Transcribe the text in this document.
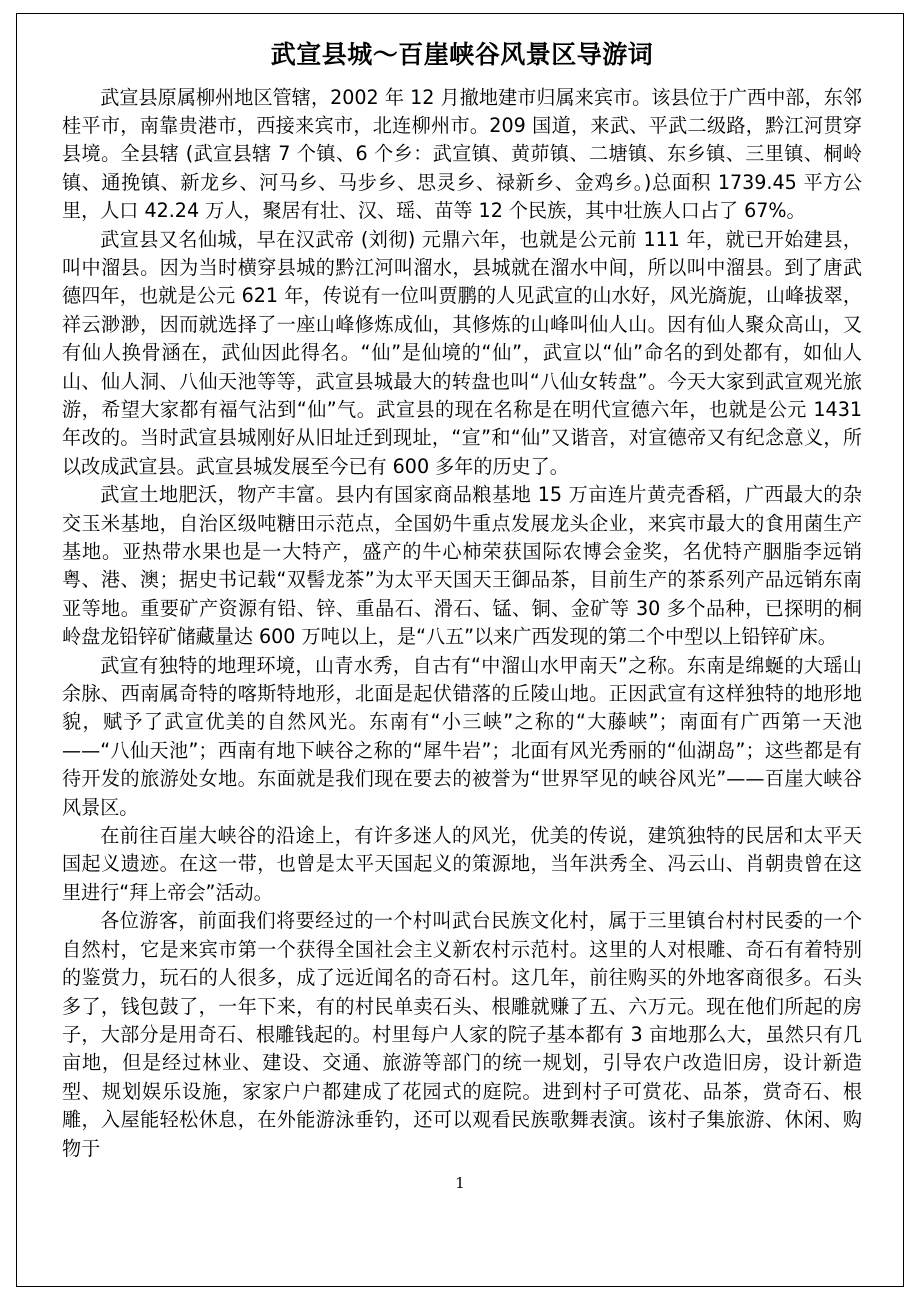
武宣县城～百崖峡谷风景区导游词

武宣县原属柳州地区管辖，2002 年 12 月撤地建市归属来宾市。该县位于广西中部，东邻桂平市，南靠贵港市，西接来宾市，北连柳州市。209 国道，来武、平武二级路，黔江河贯穿县境。全县辖 (武宣县辖 7 个镇、6 个乡：武宣镇、黄茆镇、二塘镇、东乡镇、三里镇、桐岭镇、通挽镇、新龙乡、河马乡、马步乡、思灵乡、禄新乡、金鸡乡。)总面积 1739.45 平方公里，人口 42.24 万人，聚居有壮、汉、瑶、苗等 12 个民族，其中壮族人口占了 67%。

武宣县又名仙城，早在汉武帝 (刘彻) 元鼎六年，也就是公元前 111 年，就已开始建县，叫中溜县。因为当时横穿县城的黔江河叫溜水，县城就在溜水中间，所以叫中溜县。到了唐武德四年，也就是公元 621 年，传说有一位叫贾鹏的人见武宣的山水好，风光旖旎，山峰拔翠，祥云渺渺，因而就选择了一座山峰修炼成仙，其修炼的山峰叫仙人山。因有仙人聚众高山，又有仙人换骨涵在，武仙因此得名。“仙”是仙境的“仙”，武宣以“仙”命名的到处都有，如仙人山、仙人洞、八仙天池等等，武宣县城最大的转盘也叫“八仙女转盘”。今天大家到武宣观光旅游，希望大家都有福气沾到“仙”气。武宣县的现在名称是在明代宣德六年，也就是公元 1431 年改的。当时武宣县城刚好从旧址迁到现址，“宣”和“仙”又谐音，对宣德帝又有纪念意义，所以改成武宣县。武宣县城发展至今已有 600 多年的历史了。

武宣土地肥沃，物产丰富。县内有国家商品粮基地 15 万亩连片黄壳香稻，广西最大的杂交玉米基地，自治区级吨糖田示范点，全国奶牛重点发展龙头企业，来宾市最大的食用菌生产基地。亚热带水果也是一大特产，盛产的牛心柿荣获国际农博会金奖，名优特产胭脂李远销粤、港、澳；据史书记载“双髻龙茶”为太平天国天王御品茶，目前生产的茶系列产品远销东南亚等地。重要矿产资源有铅、锌、重晶石、滑石、锰、铜、金矿等 30 多个品种，已探明的桐岭盘龙铅锌矿储藏量达 600 万吨以上，是“八五”以来广西发现的第二个中型以上铅锌矿床。

武宣有独特的地理环境，山青水秀，自古有“中溜山水甲南天”之称。东南是绵蜒的大瑶山余脉、西南属奇特的喀斯特地形，北面是起伏错落的丘陵山地。正因武宣有这样独特的地形地貌，赋予了武宣优美的自然风光。东南有“小三峡”之称的“大藤峡”；南面有广西第一天池——“八仙天池”；西南有地下峡谷之称的“犀牛岩”；北面有风光秀丽的“仙湖岛”；这些都是有待开发的旅游处女地。东面就是我们现在要去的被誉为“世界罕见的峡谷风光”——百崖大峡谷风景区。

在前往百崖大峡谷的沿途上，有许多迷人的风光，优美的传说，建筑独特的民居和太平天国起义遗迹。在这一带，也曾是太平天国起义的策源地，当年洪秀全、冯云山、肖朝贵曾在这里进行“拜上帝会”活动。

各位游客，前面我们将要经过的一个村叫武台民族文化村，属于三里镇台村村民委的一个自然村，它是来宾市第一个获得全国社会主义新农村示范村。这里的人对根雕、奇石有着特别的鉴赏力，玩石的人很多，成了远近闻名的奇石村。这几年，前往购买的外地客商很多。石头多了，钱包鼓了，一年下来，有的村民单卖石头、根雕就赚了五、六万元。现在他们所起的房子，大部分是用奇石、根雕钱起的。村里每户人家的院子基本都有 3 亩地那么大，虽然只有几亩地，但是经过林业、建设、交通、旅游等部门的统一规划，引导农户改造旧房，设计新造型、规划娱乐设施，家家户户都建成了花园式的庭院。进到村子可赏花、品茶，赏奇石、根雕，入屋能轻松休息，在外能游泳垂钓，还可以观看民族歌舞表演。该村子集旅游、休闲、购物于

1
